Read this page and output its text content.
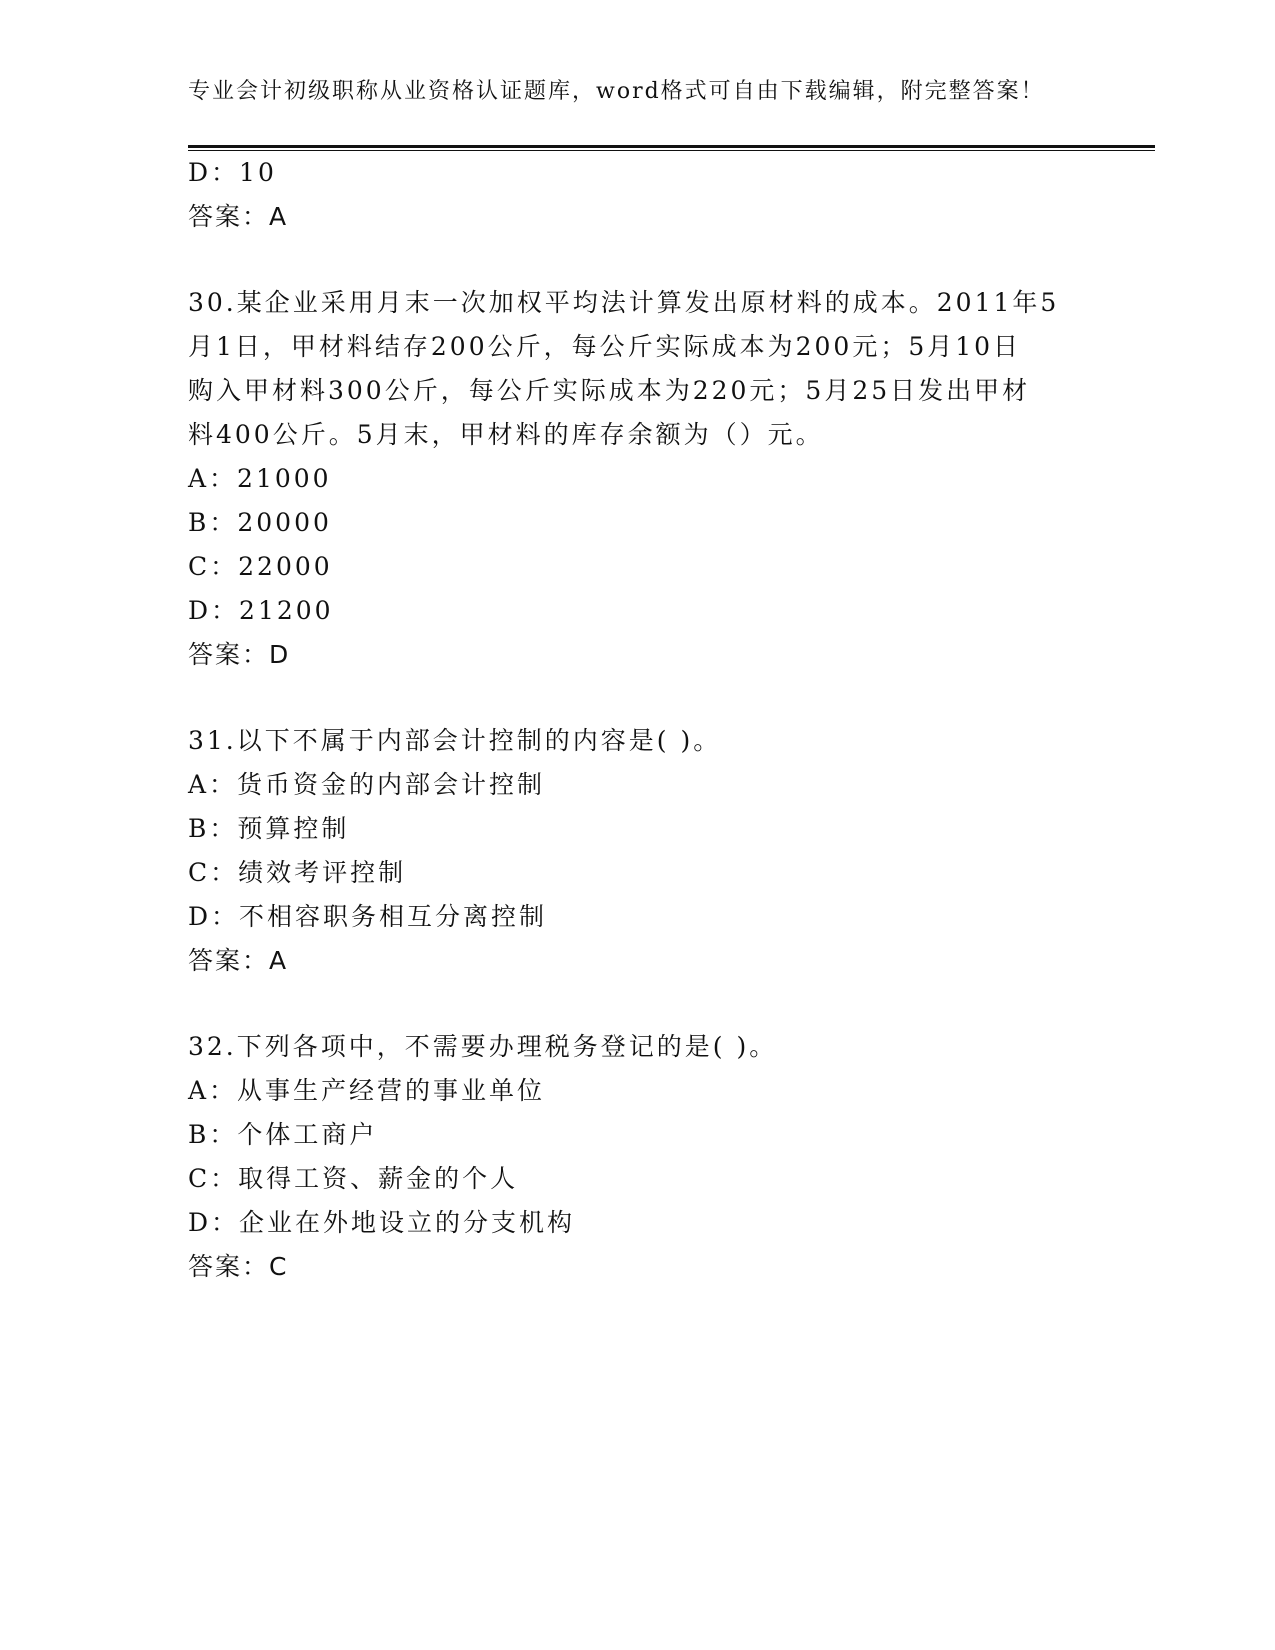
专业会计初级职称从业资格认证题库，word格式可自由下载编辑，附完整答案！
D：10
答案：A
30.某企业采用月末一次加权平均法计算发出原材料的成本。2011年5
月1日，甲材料结存200公斤，每公斤实际成本为200元；5月10日
购入甲材料300公斤，每公斤实际成本为220元；5月25日发出甲材
料400公斤。5月末，甲材料的库存余额为（）元。
A：21000
B：20000
C：22000
D：21200
答案：D
31.以下不属于内部会计控制的内容是( )。
A：货币资金的内部会计控制
B：预算控制
C：绩效考评控制
D：不相容职务相互分离控制
答案：A
32.下列各项中，不需要办理税务登记的是( )。
A：从事生产经营的事业单位
B：个体工商户
C：取得工资、薪金的个人
D：企业在外地设立的分支机构
答案：C
